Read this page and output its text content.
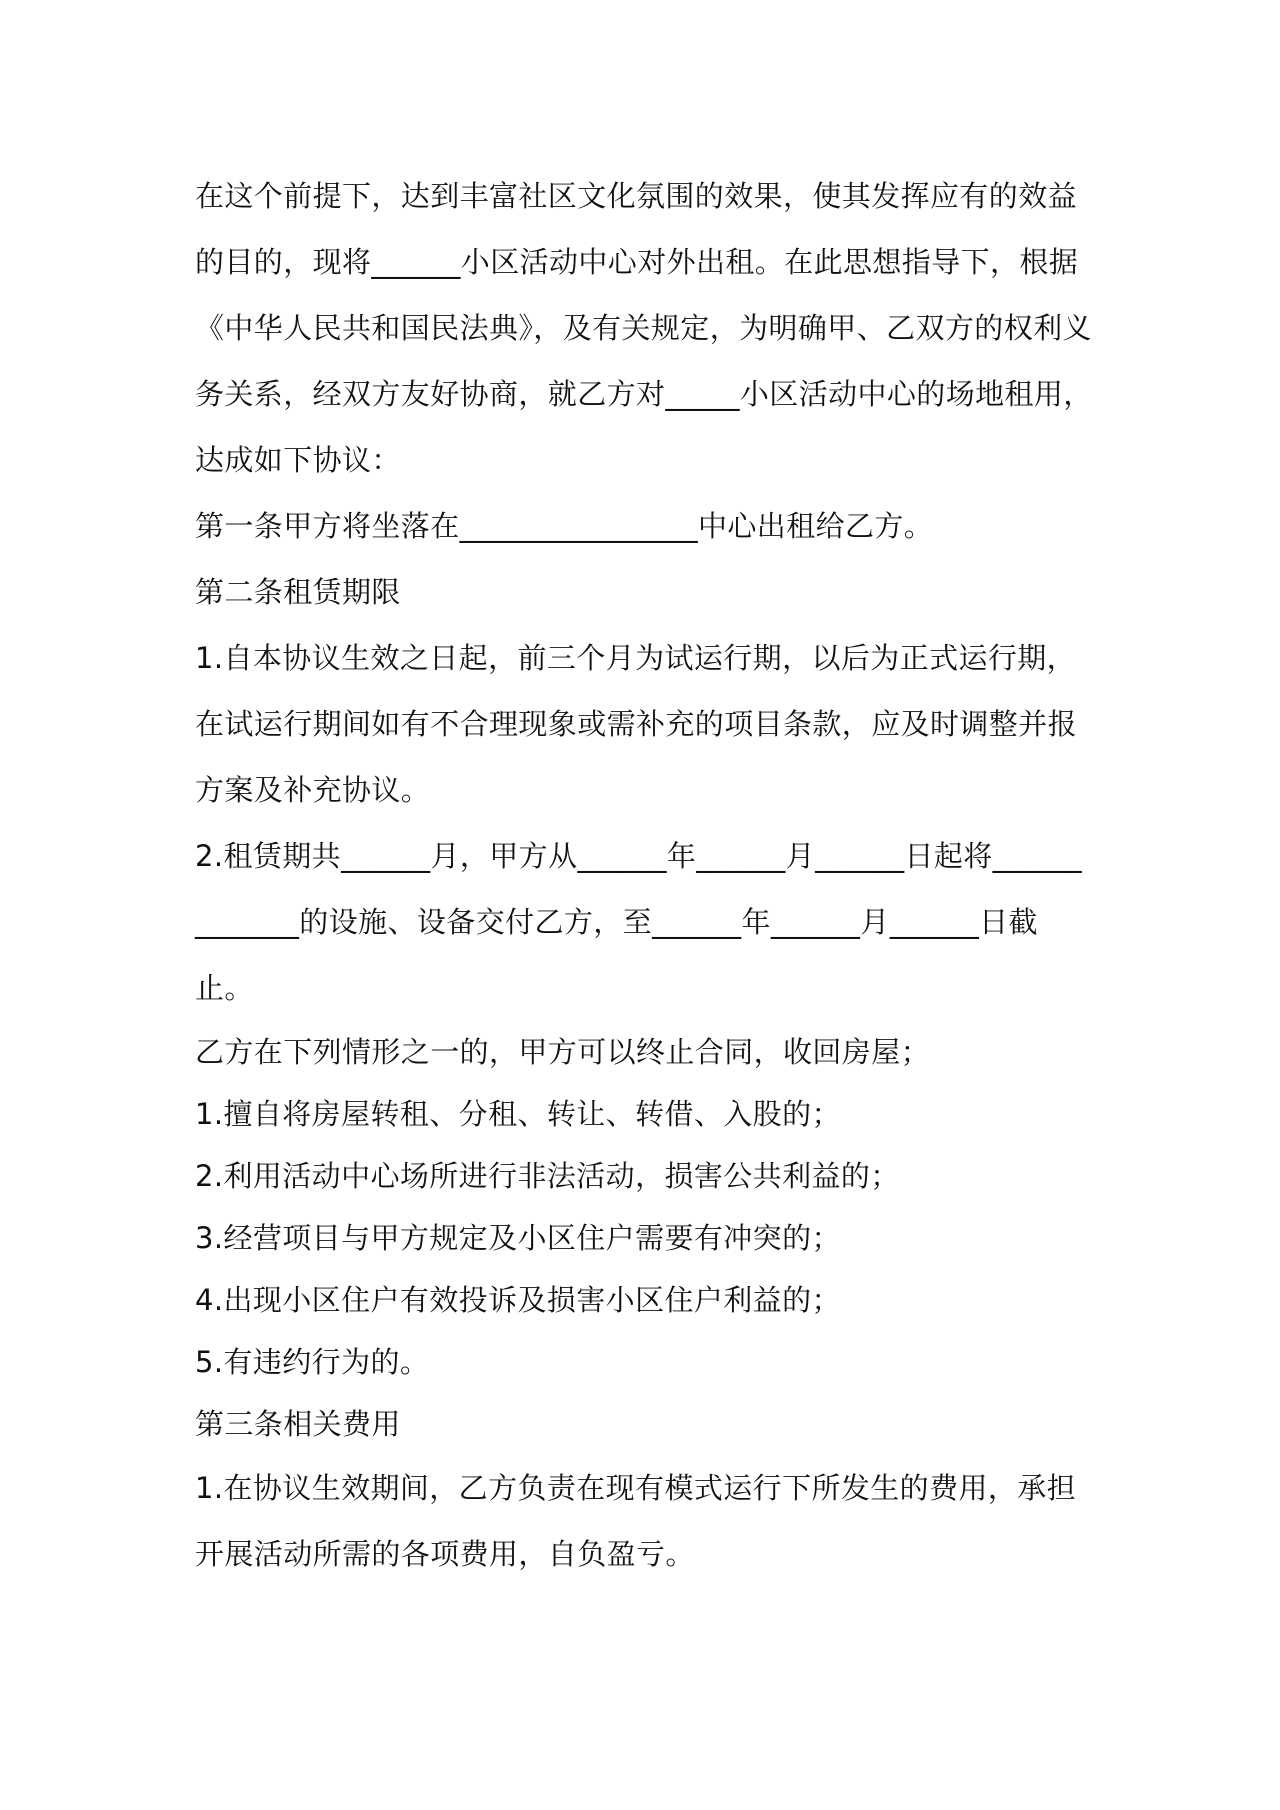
在这个前提下，达到丰富社区文化氛围的效果，使其发挥应有的效益的目的，现将______小区活动中心对外出租。在此思想指导下，根据《中华人民共和国民法典》，及有关规定，为明确甲、乙双方的权利义务关系，经双方友好协商，就乙方对_____小区活动中心的场地租用，达成如下协议：

第一条甲方将坐落在________________中心出租给乙方。

第二条租赁期限

1.自本协议生效之日起，前三个月为试运行期，以后为正式运行期，在试运行期间如有不合理现象或需补充的项目条款，应及时调整并报方案及补充协议。

2.租赁期共______月，甲方从______年______月______日起将_____________的设施、设备交付乙方，至______年______月______日截止。

乙方在下列情形之一的，甲方可以终止合同，收回房屋；

1.擅自将房屋转租、分租、转让、转借、入股的；

2.利用活动中心场所进行非法活动，损害公共利益的；

3.经营项目与甲方规定及小区住户需要有冲突的；

4.出现小区住户有效投诉及损害小区住户利益的；

5.有违约行为的。

第三条相关费用

1.在协议生效期间，乙方负责在现有模式运行下所发生的费用，承担开展活动所需的各项费用，自负盈亏。
